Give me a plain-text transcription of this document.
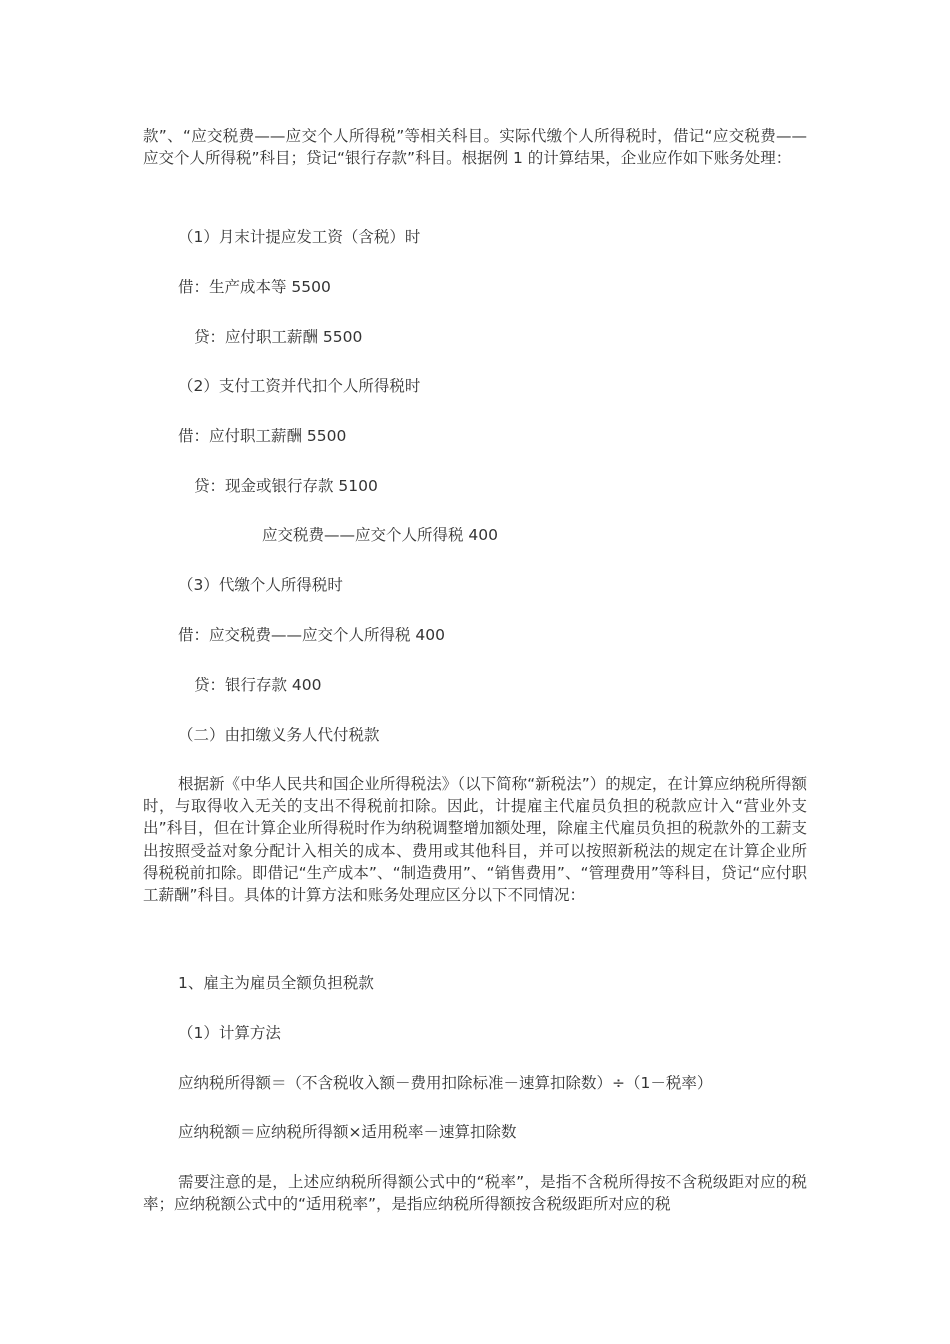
款”、“应交税费——应交个人所得税”等相关科目。实际代缴个人所得税时，借记“应交税费——应交个人所得税”科目；贷记“银行存款”科目。根据例 1 的计算结果，企业应作如下账务处理：
（1）月末计提应发工资（含税）时
借：生产成本等 5500
贷：应付职工薪酬 5500
（2）支付工资并代扣个人所得税时
借：应付职工薪酬 5500
贷：现金或银行存款 5100
应交税费——应交个人所得税 400
（3）代缴个人所得税时
借：应交税费——应交个人所得税 400
贷：银行存款 400
（二）由扣缴义务人代付税款
根据新《中华人民共和国企业所得税法》（以下简称“新税法”）的规定，在计算应纳税所得额时，与取得收入无关的支出不得税前扣除。因此，计提雇主代雇员负担的税款应计入“营业外支出”科目，但在计算企业所得税时作为纳税调整增加额处理，除雇主代雇员负担的税款外的工薪支出按照受益对象分配计入相关的成本、费用或其他科目，并可以按照新税法的规定在计算企业所得税税前扣除。即借记“生产成本”、“制造费用”、“销售费用”、“管理费用”等科目，贷记“应付职工薪酬”科目。具体的计算方法和账务处理应区分以下不同情况：
1、雇主为雇员全额负担税款
（1）计算方法
应纳税所得额＝（不含税收入额－费用扣除标准－速算扣除数）÷（1－税率）
应纳税额＝应纳税所得额×适用税率－速算扣除数
需要注意的是，上述应纳税所得额公式中的“税率”，是指不含税所得按不含税级距对应的税率；应纳税额公式中的“适用税率”，是指应纳税所得额按含税级距所对应的税
